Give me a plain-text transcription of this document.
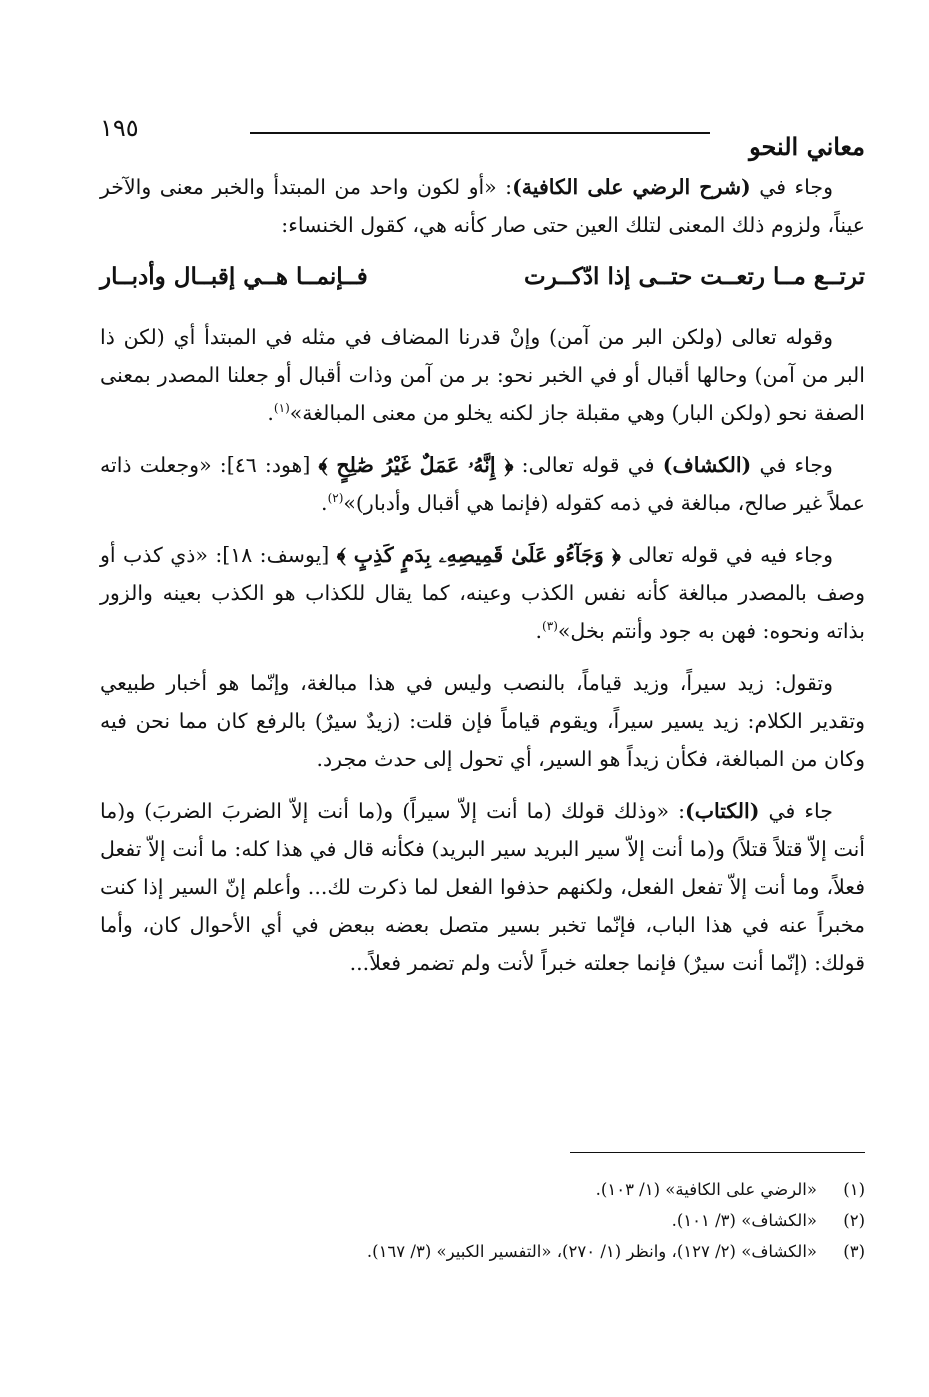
١٩٥
معاني النحو

وجاء في (شرح الرضي على الكافية): «أو لكون واحد من المبتدأ والخبر معنى والآخر عيناً، ولزوم ذلك المعنى لتلك العين حتى صار كأنه هي، كقول الخنساء:

ترتــع مــا رتعــت حتــى إذا ادّكــرت
فــإنمــا هــي إقبــال وأدبــار

وقوله تعالى (ولكن البر من آمن) وإنْ قدرنا المضاف في مثله في المبتدأ أي (لكن ذا البر من آمن) وحالها أقبال أو في الخبر نحو: بر من آمن وذات أقبال أو جعلنا المصدر بمعنى الصفة نحو (ولكن البار) وهي مقبلة جاز لكنه يخلو من معنى المبالغة»$^{(١)}$.

وجاء في (الكشاف) في قوله تعالى: ﴿ إِنَّهُۥ عَمَلٌ غَيْرُ صَٰلِحٍ ﴾ [هود: ٤٦]: «وجعلت ذاته عملاً غير صالح، مبالغة في ذمه كقوله (فإنما هي أقبال وأدبار)»$^{(٢)}$.

وجاء فيه في قوله تعالى ﴿ وَجَآءُو عَلَىٰ قَمِيصِهِۦ بِدَمٍ كَذِبٍ ﴾ [يوسف: ١٨]: «ذي كذب أو وصف بالمصدر مبالغة كأنه نفس الكذب وعينه، كما يقال للكذاب هو الكذب بعينه والزور بذاته ونحوه: فهن به جود وأنتم بخل»$^{(٣)}$.

وتقول: زيد سيراً، وزيد قياماً، بالنصب وليس في هذا مبالغة، وإنّما هو أخبار طبيعي وتقدير الكلام: زيد يسير سيراً، ويقوم قياماً فإن قلت: (زيدٌ سيرٌ) بالرفع كان مما نحن فيه وكان من المبالغة، فكأن زيداً هو السير، أي تحول إلى حدث مجرد.

جاء في (الكتاب): «وذلك قولك (ما أنت إلاّ سيراً) و(ما أنت إلاّ الضربَ الضربَ) و(ما أنت إلاّ قتلاً قتلاً) و(ما أنت إلاّ سير البريد سير البريد) فكأنه قال في هذا كله: ما أنت إلاّ تفعل فعلاً، وما أنت إلاّ تفعل الفعل، ولكنهم حذفوا الفعل لما ذكرت لك... وأعلم إنّ السير إذا كنت مخبراً عنه في هذا الباب، فإنّما تخبر بسير متصل بعضه ببعض في أي الأحوال كان، وأما قولك: (إنّما أنت سيرٌ) فإنما جعلته خبراً لأنت ولم تضمر فعلاً...

(١)
«الرضي على الكافية» (١/ ١٠٣).
(٢)
«الكشاف» (٣/ ١٠١).
(٣)
«الكشاف» (٢/ ١٢٧)، وانظر (١/ ٢٧٠)، «التفسير الكبير» (٣/ ١٦٧).
